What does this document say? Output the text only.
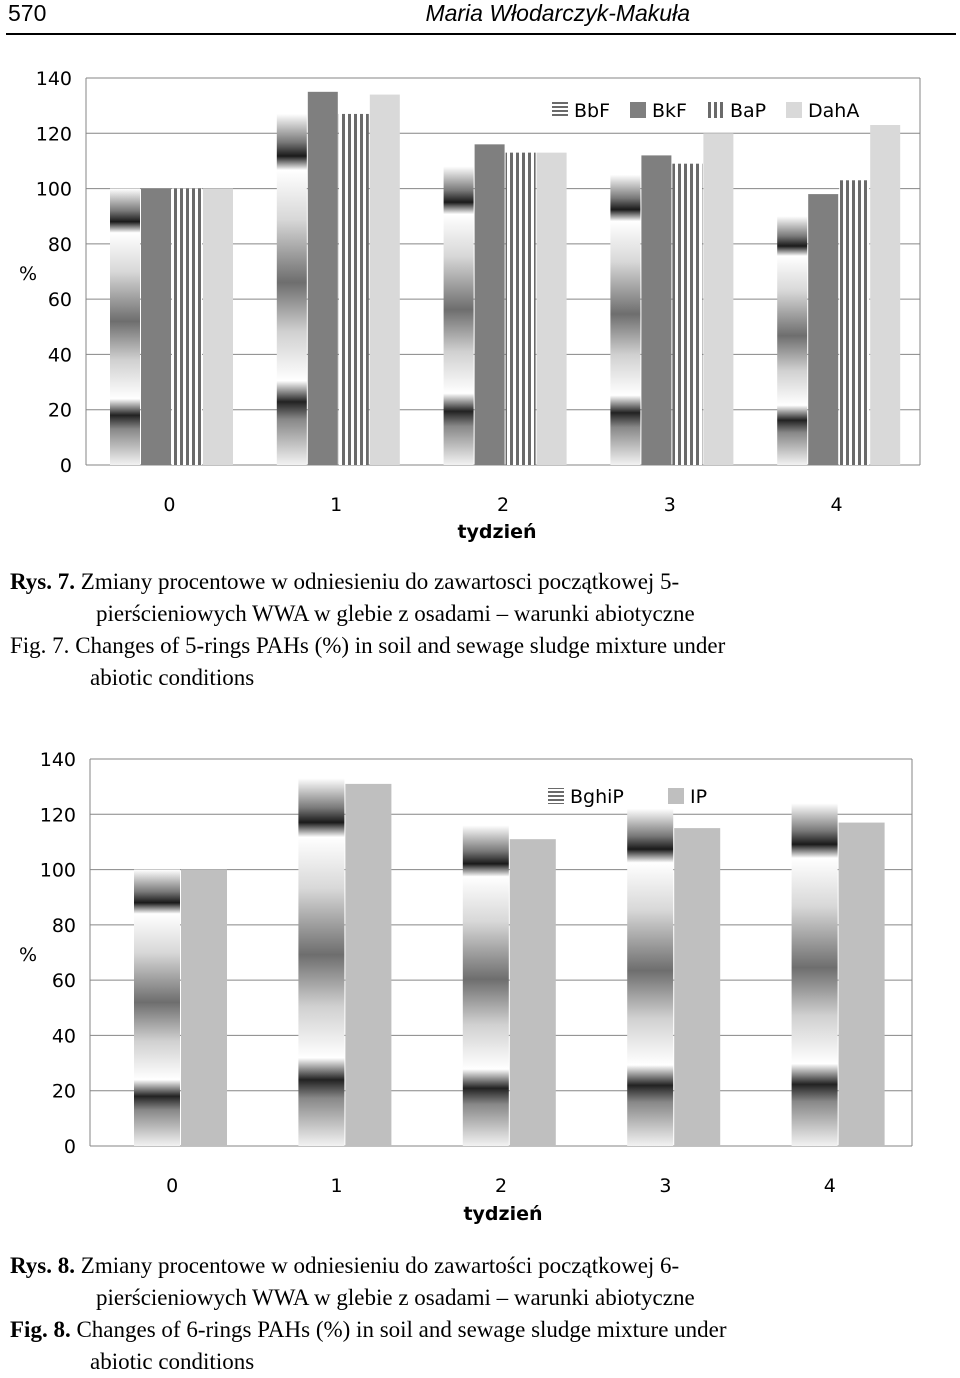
570	Maria Włodarczyk-Makuła
0
20
40
60
80
100
120
140
0	1	2	3	4
BbF BkF BaP DahA
%
tydzień
Rys. 7. Zmiany procentowe w odniesieniu do zawartosci początkowej 5-
pierścieniowych WWA w glebie z osadami – warunki abiotyczne
Fig. 7. Changes of 5-rings PAHs (%) in soil and sewage sludge mixture under
abiotic conditions
0
20
40
60
80
100
120
140
0	1	2	3	4
BghiP	IP
%
tydzień
Rys. 8. Zmiany procentowe w odniesieniu do zawartości początkowej 6-
pierścieniowych WWA w glebie z osadami – warunki abiotyczne
Fig. 8. Changes of 6-rings PAHs (%) in soil and sewage sludge mixture under
abiotic conditions
